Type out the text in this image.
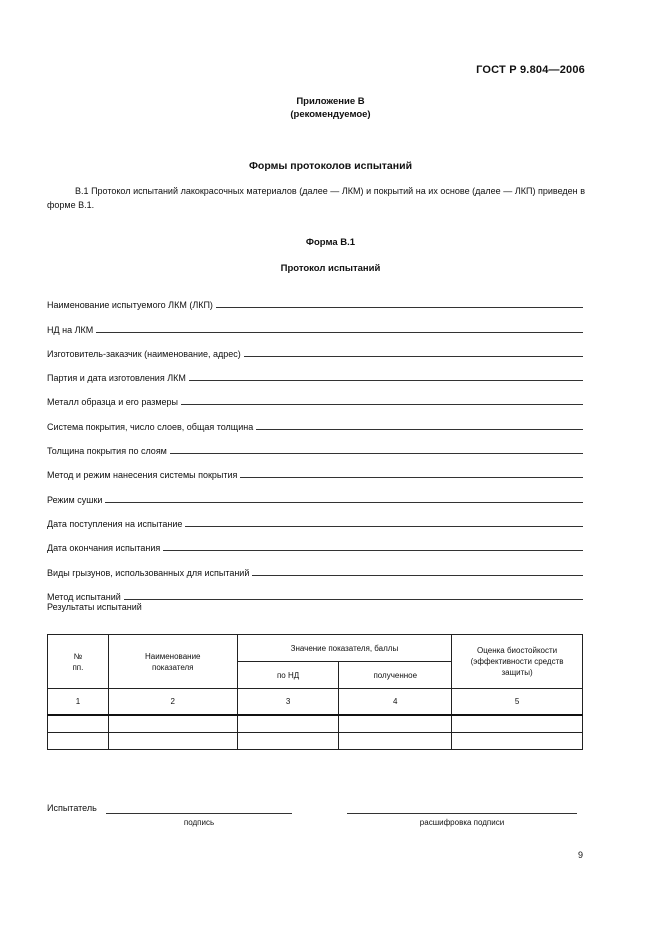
ГОСТ Р 9.804—2006
Приложение В
(рекомендуемое)
Формы протоколов испытаний
В.1 Протокол испытаний лакокрасочных материалов (далее — ЛКМ) и покрытий на их основе (далее — ЛКП) приведен в форме В.1.
Форма В.1
Протокол испытаний
Наименование испытуемого ЛКМ (ЛКП)
НД на ЛКМ
Изготовитель-заказчик (наименование, адрес)
Партия и дата изготовления ЛКМ
Металл образца и его размеры
Система покрытия, число слоев, общая толщина
Толщина покрытия по слоям
Метод и режим нанесения системы покрытия
Режим сушки
Дата поступления на испытание
Дата окончания испытания
Виды грызунов, использованных для испытаний
Метод испытаний
Результаты испытаний
№
пп.	Наименование показателя	Значение показателя, баллы		Оценка биостойкости (эффективности средств защиты)
		по НД	полученное	
1	2	3	4	5

Испытатель
подпись	расшифровка подписи
9
